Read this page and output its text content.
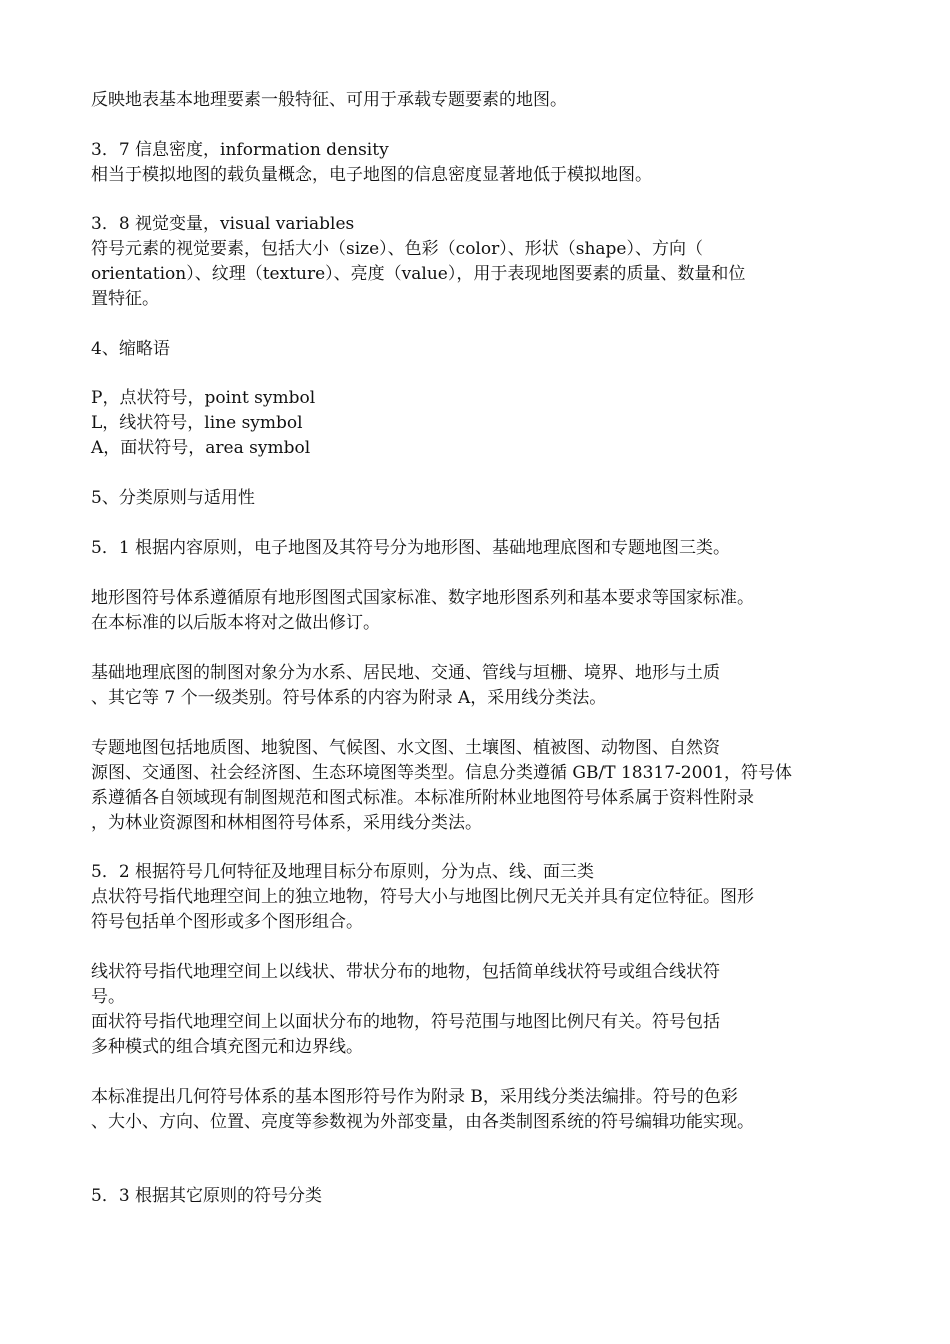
反映地表基本地理要素一般特征、可用于承载专题要素的地图。
3．7 信息密度，information density
相当于模拟地图的载负量概念，电子地图的信息密度显著地低于模拟地图。
3．8 视觉变量，visual variables
符号元素的视觉要素，包括大小（size）、色彩（color）、形状（shape）、方向（
orientation）、纹理（texture）、亮度（value），用于表现地图要素的质量、数量和位
置特征。
4、缩略语
P，点状符号，point symbol
L，线状符号，line symbol
A，面状符号，area symbol
5、分类原则与适用性
5．1 根据内容原则，电子地图及其符号分为地形图、基础地理底图和专题地图三类。
地形图符号体系遵循原有地形图图式国家标准、数字地形图系列和基本要求等国家标准。
在本标准的以后版本将对之做出修订。
基础地理底图的制图对象分为水系、居民地、交通、管线与垣栅、境界、地形与土质
、其它等 7 个一级类别。符号体系的内容为附录 A，采用线分类法。
专题地图包括地质图、地貌图、气候图、水文图、土壤图、植被图、动物图、自然资
源图、交通图、社会经济图、生态环境图等类型。信息分类遵循 GB/T 18317-2001，符号体
系遵循各自领域现有制图规范和图式标准。本标准所附林业地图符号体系属于资料性附录
，为林业资源图和林相图符号体系，采用线分类法。
5．2 根据符号几何特征及地理目标分布原则，分为点、线、面三类
点状符号指代地理空间上的独立地物，符号大小与地图比例尺无关并具有定位特征。图形
符号包括单个图形或多个图形组合。
线状符号指代地理空间上以线状、带状分布的地物，包括简单线状符号或组合线状符
号。
面状符号指代地理空间上以面状分布的地物，符号范围与地图比例尺有关。符号包括
多种模式的组合填充图元和边界线。
本标准提出几何符号体系的基本图形符号作为附录 B，采用线分类法编排。符号的色彩
、大小、方向、位置、亮度等参数视为外部变量，由各类制图系统的符号编辑功能实现。
5．3 根据其它原则的符号分类
